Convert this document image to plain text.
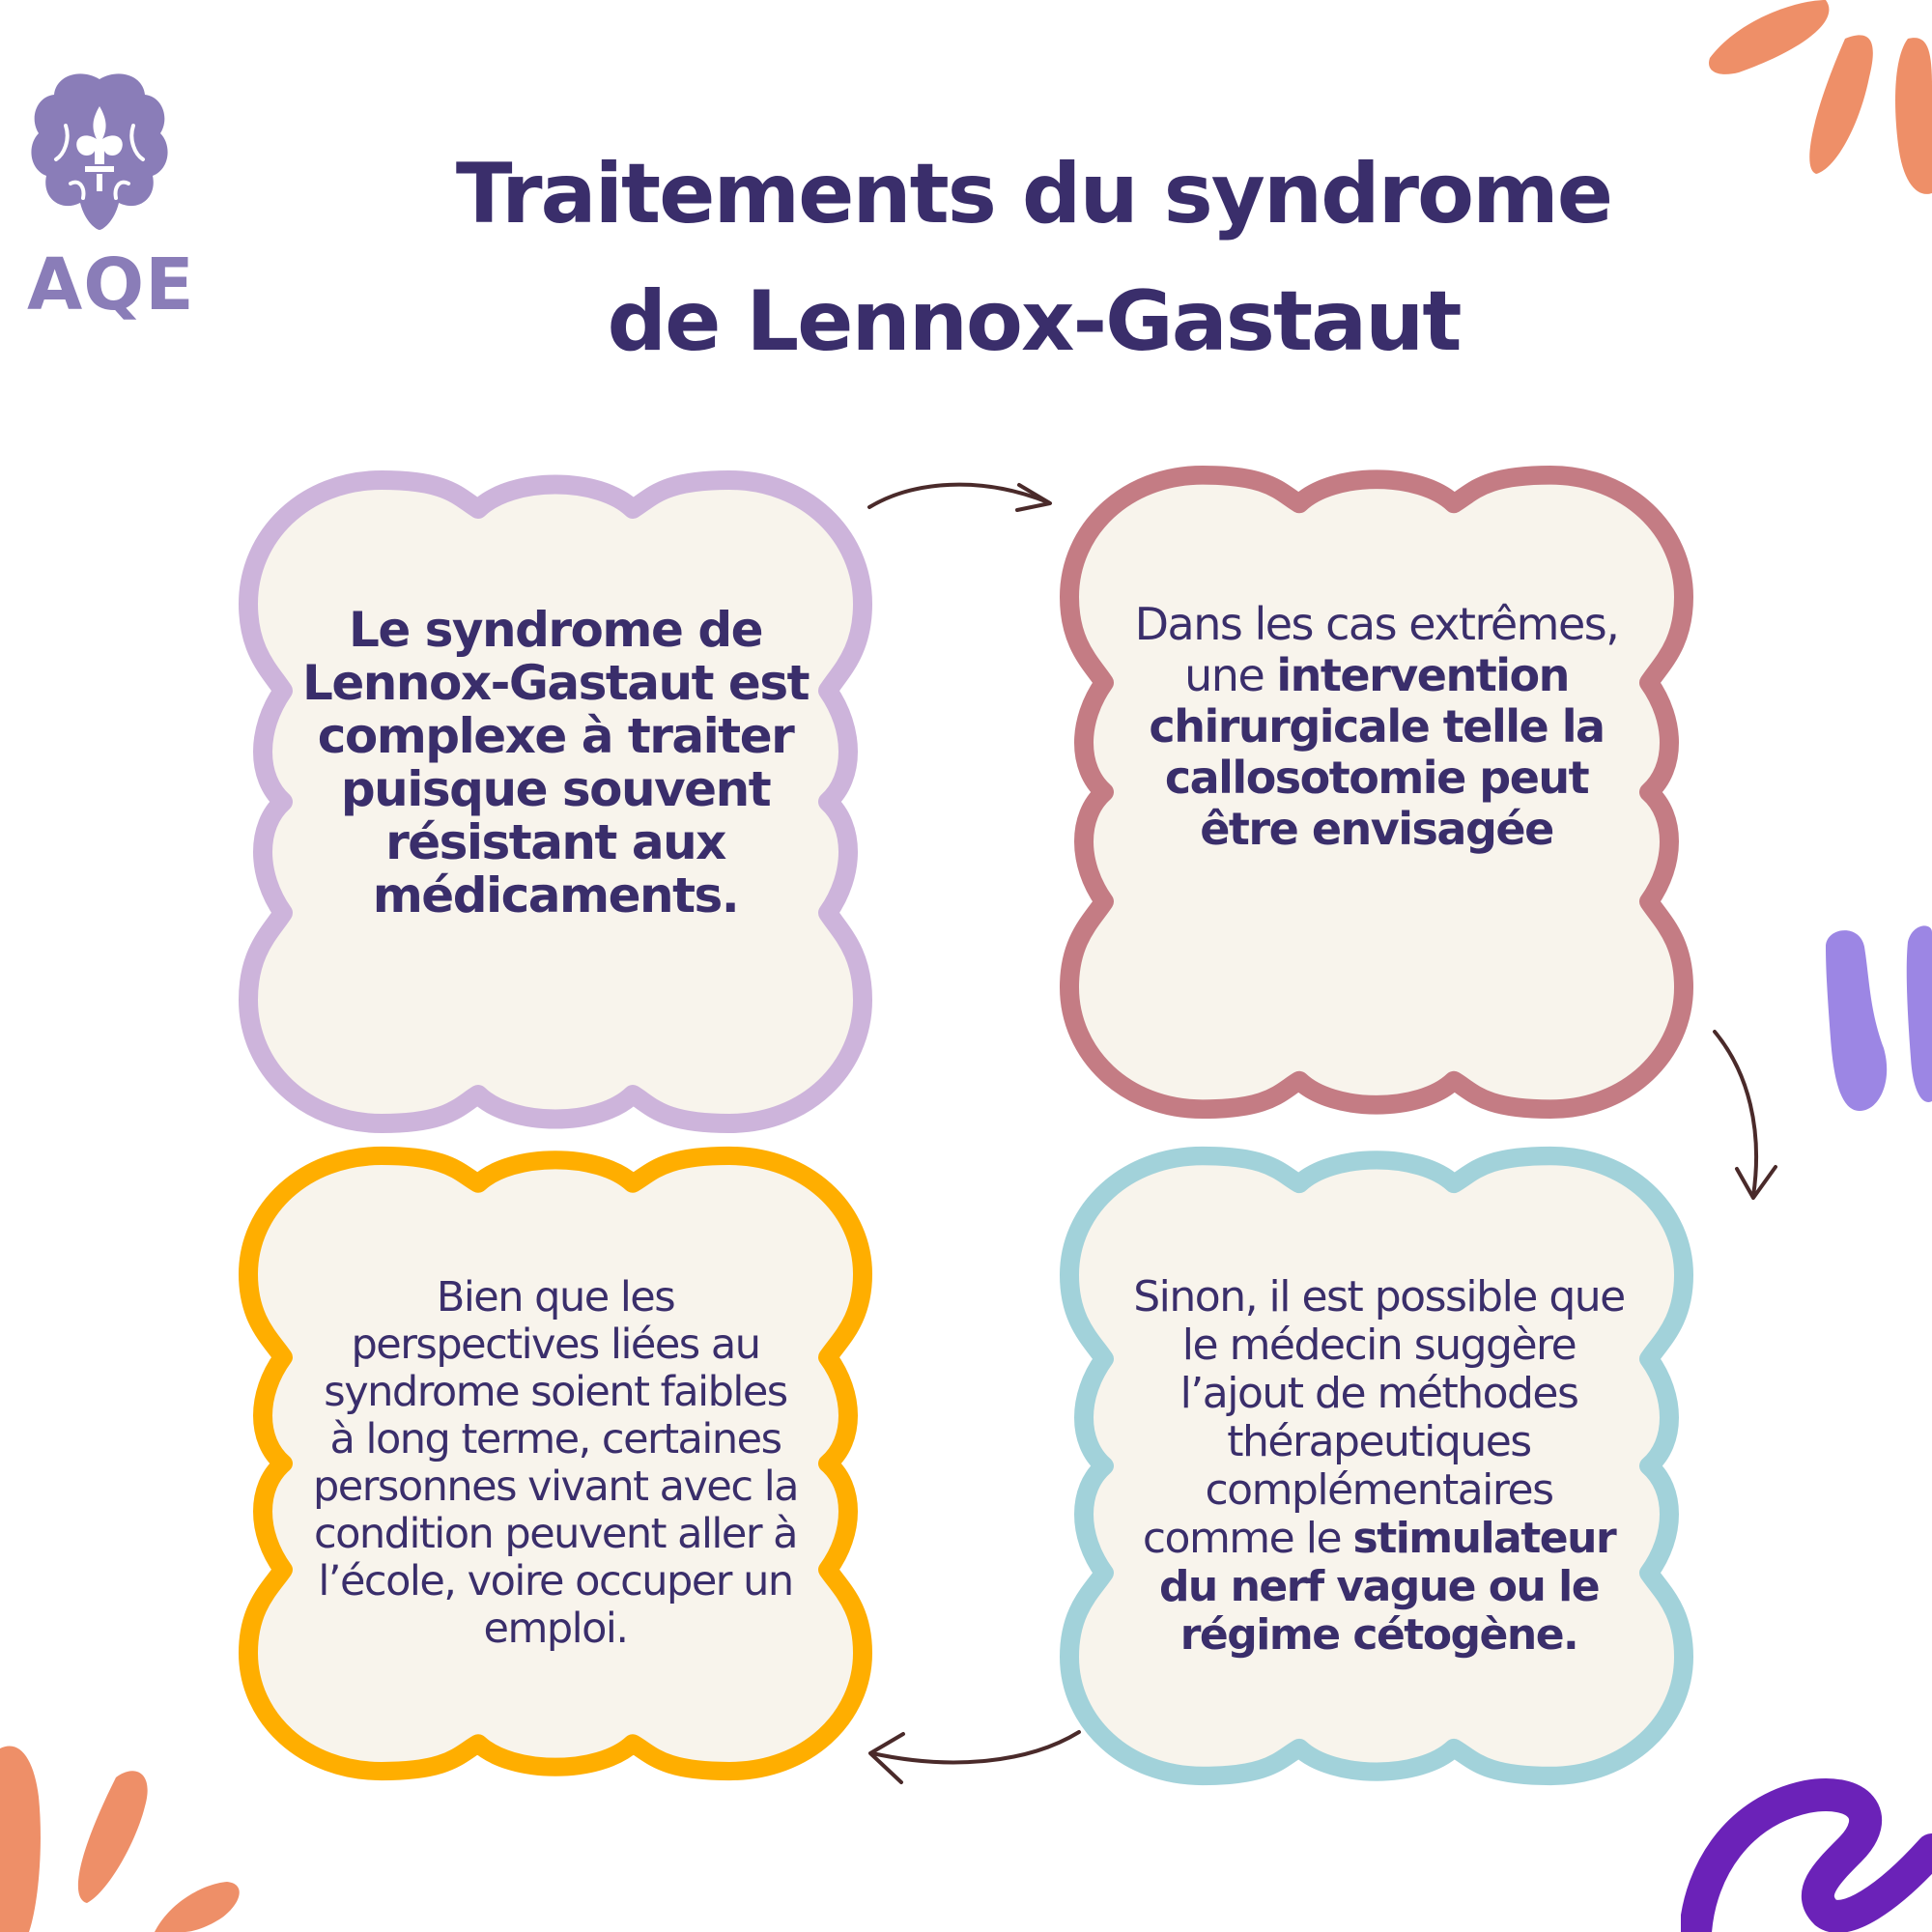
AQE
Traitements du syndrome
de Lennox-Gastaut

Le syndrome de Lennox-Gastaut est complexe à traiter puisque souvent résistant aux médicaments.

Dans les cas extrêmes, une intervention chirurgicale telle la callosotomie peut être envisagée

Bien que les perspectives liées au syndrome soient faibles à long terme, certaines personnes vivant avec la condition peuvent aller à l’école, voire occuper un emploi.

Sinon, il est possible que le médecin suggère l’ajout de méthodes thérapeutiques complémentaires comme le stimulateur du nerf vague ou le régime cétogène.
